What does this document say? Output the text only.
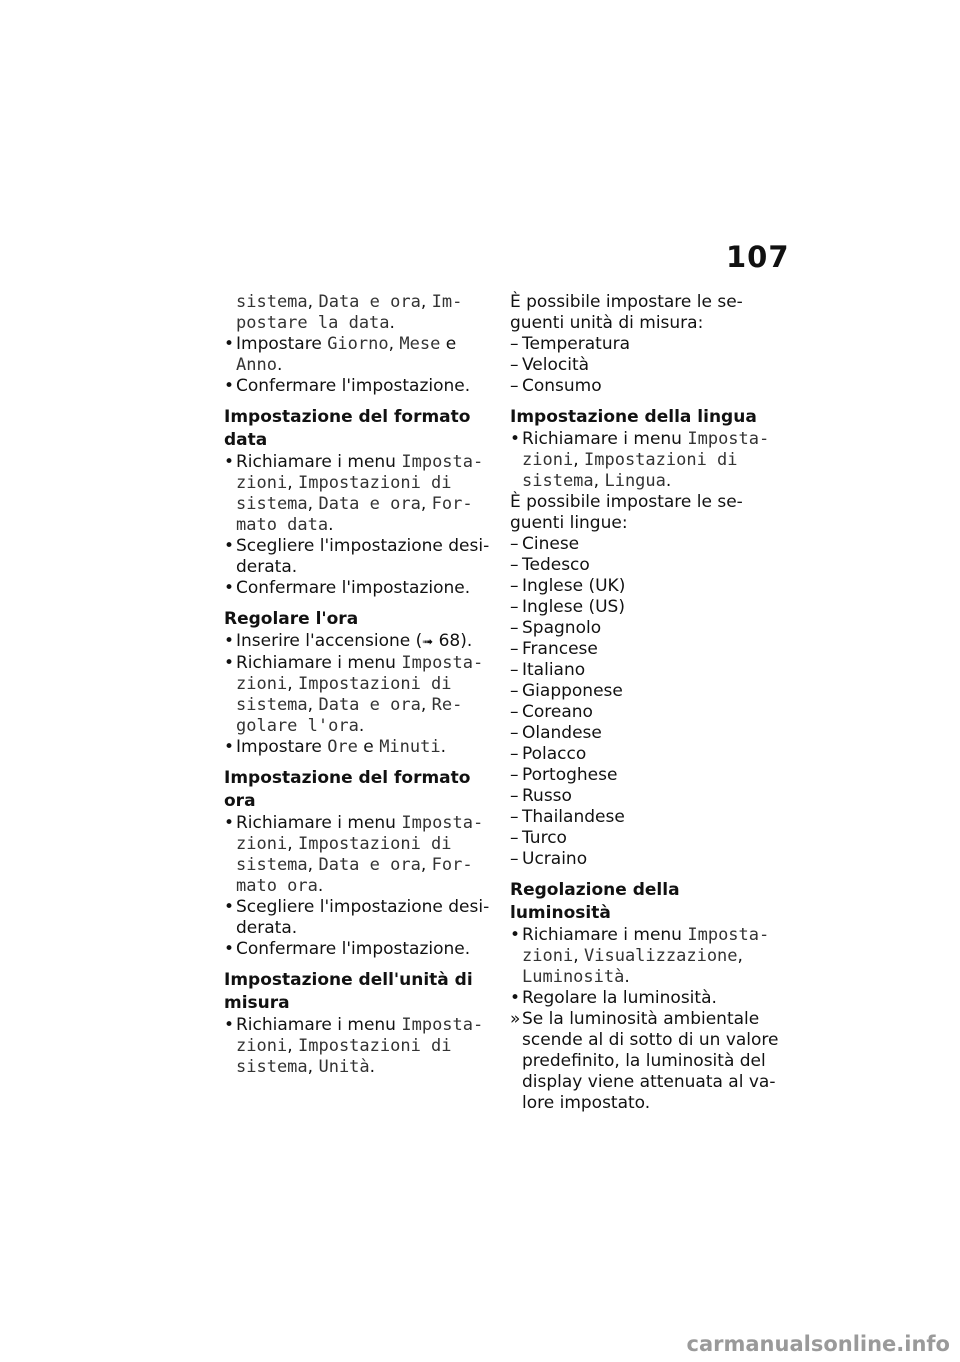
107
sistema, Data e ora, Im-
postare la data.
• Impostare Giorno, Mese e
Anno.
• Confermare l'impostazione.
Impostazione del formato
data
• Richiamare i menu Imposta-
zioni, Impostazioni di
sistema, Data e ora, For-
mato data.
• Scegliere l'impostazione desi-
derata.
• Confermare l'impostazione.
Regolare l'ora
• Inserire l'accensione (➟ 68).
• Richiamare i menu Imposta-
zioni, Impostazioni di
sistema, Data e ora, Re-
golare l'ora.
• Impostare Ore e Minuti.
Impostazione del formato ora
• Richiamare i menu Imposta-
zioni, Impostazioni di
sistema, Data e ora, For-
mato ora.
• Scegliere l'impostazione desi-
derata.
• Confermare l'impostazione.
Impostazione dell'unità di
misura
• Richiamare i menu Imposta-
zioni, Impostazioni di
sistema, Unità.
È possibile impostare le se-
guenti unità di misura:
– Temperatura
– Velocità
– Consumo
Impostazione della lingua
• Richiamare i menu Imposta-
zioni, Impostazioni di
sistema, Lingua.
È possibile impostare le se-
guenti lingue:
– Cinese
– Tedesco
– Inglese (UK)
– Inglese (US)
– Spagnolo
– Francese
– Italiano
– Giapponese
– Coreano
– Olandese
– Polacco
– Portoghese
– Russo
– Thailandese
– Turco
– Ucraino
Regolazione della luminosità
• Richiamare i menu Imposta-
zioni, Visualizzazione,
Luminosità.
• Regolare la luminosità.
» Se la luminosità ambientale
scende al di sotto di un valore
predefinito, la luminosità del
display viene attenuata al va-
lore impostato.
carmanualsonline.info
